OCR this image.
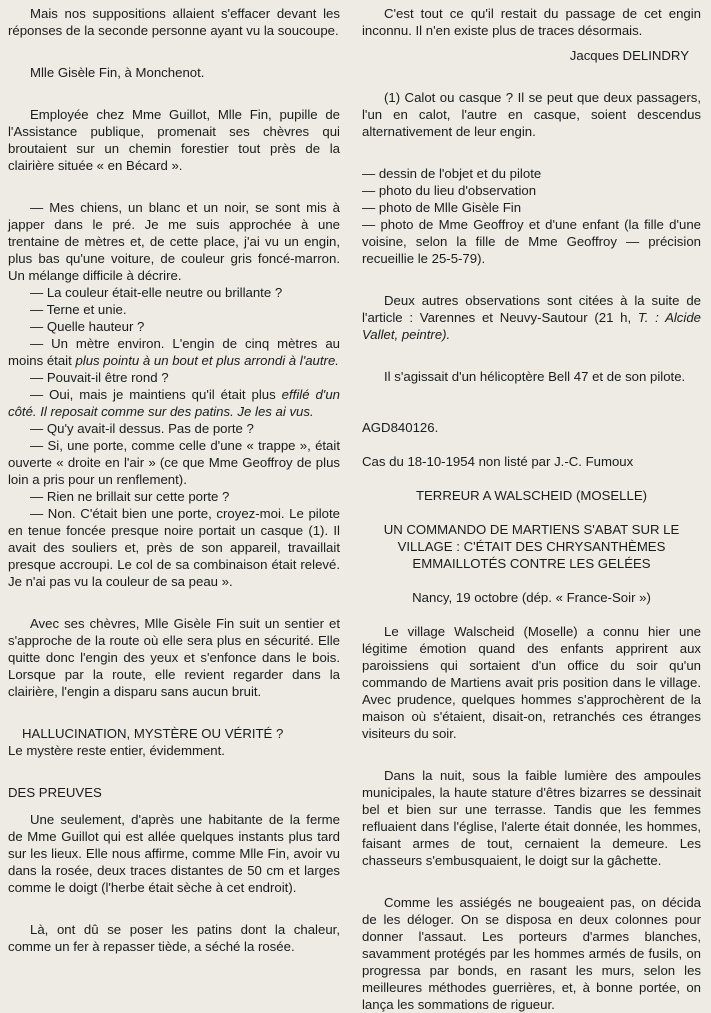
Mais nos suppositions allaient s'effacer devant les réponses de la seconde personne ayant vu la soucoupe.

Mlle Gisèle Fin, à Monchenot.

Employée chez Mme Guillot, Mlle Fin, pupille de l'Assistance publique, promenait ses chèvres qui broutaient sur un chemin forestier tout près de la clairière située « en Bécard ».

— Mes chiens, un blanc et un noir, se sont mis à japper dans le pré. Je me suis approchée à une trentaine de mètres et, de cette place, j'ai vu un engin, plus bas qu'une voiture, de couleur gris foncé-marron. Un mélange difficile à décrire.

— La couleur était-elle neutre ou brillante ?

— Terne et unie.

— Quelle hauteur ?

— Un mètre environ. L'engin de cinq mètres au moins était plus pointu à un bout et plus arrondi à l'autre.

— Pouvait-il être rond ?

— Oui, mais je maintiens qu'il était plus effilé d'un côté. Il reposait comme sur des patins. Je les ai vus.

— Qu'y avait-il dessus. Pas de porte ?

— Si, une porte, comme celle d'une « trappe », était ouverte « droite en l'air » (ce que Mme Geoffroy de plus loin a pris pour un renflement).

— Rien ne brillait sur cette porte ?

— Non. C'était bien une porte, croyez-moi. Le pilote en tenue foncée presque noire portait un casque (1). Il avait des souliers et, près de son appareil, travaillait presque accroupi. Le col de sa combinaison était relevé. Je n'ai pas vu la couleur de sa peau ».

Avec ses chèvres, Mlle Gisèle Fin suit un sentier et s'approche de la route où elle sera plus en sécurité. Elle quitte donc l'engin des yeux et s'enfonce dans le bois. Lorsque par la route, elle revient regarder dans la clairière, l'engin a disparu sans aucun bruit.

HALLUCINATION, MYSTÈRE OU VÉRITÉ ?

Le mystère reste entier, évidemment.

DES PREUVES

Une seulement, d'après une habitante de la ferme de Mme Guillot qui est allée quelques instants plus tard sur les lieux. Elle nous affirme, comme Mlle Fin, avoir vu dans la rosée, deux traces distantes de 50 cm et larges comme le doigt (l'herbe était sèche à cet endroit).

Là, ont dû se poser les patins dont la chaleur, comme un fer à repasser tiède, a séché la rosée.

C'est tout ce qu'il restait du passage de cet engin inconnu. Il n'en existe plus de traces désormais.

Jacques DELINDRY

(1) Calot ou casque ? Il se peut que deux passagers, l'un en calot, l'autre en casque, soient descendus alternativement de leur engin.

— dessin de l'objet et du pilote

— photo du lieu d'observation

— photo de Mlle Gisèle Fin

— photo de Mme Geoffroy et d'une enfant (la fille d'une voisine, selon la fille de Mme Geoffroy — précision recueillie le 25-5-79).

Deux autres observations sont citées à la suite de l'article : Varennes et Neuvy-Sautour (21 h, T. : Alcide Vallet, peintre).

Il s'agissait d'un hélicoptère Bell 47 et de son pilote.

AGD840126.

Cas du 18-10-1954 non listé par J.-C. Fumoux

TERREUR A WALSCHEID (MOSELLE)

UN COMMANDO DE MARTIENS S'ABAT SUR LE VILLAGE : C'ÉTAIT DES CHRYSANTHÈMES EMMAILLOTÉS CONTRE LES GELÉES

Nancy, 19 octobre (dép. « France-Soir »)

Le village Walscheid (Moselle) a connu hier une légitime émotion quand des enfants apprirent aux paroissiens qui sortaient d'un office du soir qu'un commando de Martiens avait pris position dans le village. Avec prudence, quelques hommes s'approchèrent de la maison où s'étaient, disait-on, retranchés ces étranges visiteurs du soir.

Dans la nuit, sous la faible lumière des ampoules municipales, la haute stature d'êtres bizarres se dessinait bel et bien sur une terrasse. Tandis que les femmes refluaient dans l'église, l'alerte était donnée, les hommes, faisant armes de tout, cernaient la demeure. Les chasseurs s'embusquaient, le doigt sur la gâchette.

Comme les assiégés ne bougeaient pas, on décida de les déloger. On se disposa en deux colonnes pour donner l'assaut. Les porteurs d'armes blanches, savamment protégés par les hommes armés de fusils, on progressa par bonds, en rasant les murs, selon les meilleures méthodes guerrières, et, à bonne portée, on lança les sommations de rigueur.
